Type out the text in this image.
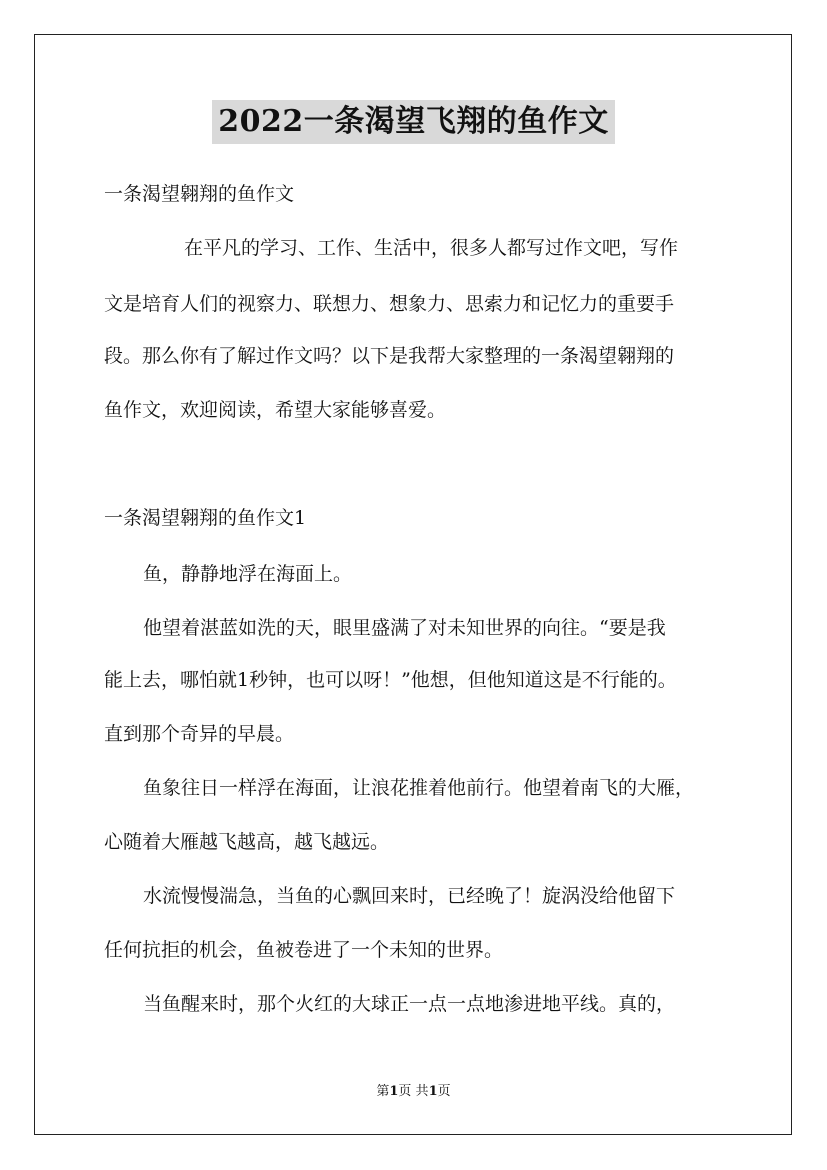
2022一条渴望飞翔的鱼作文
一条渴望翱翔的鱼作文
在平凡的学习、工作、生活中，很多人都写过作文吧，写作
文是培育人们的视察力、联想力、想象力、思索力和记忆力的重要手
段。那么你有了解过作文吗？以下是我帮大家整理的一条渴望翱翔的
鱼作文，欢迎阅读，希望大家能够喜爱。
一条渴望翱翔的鱼作文1
鱼，静静地浮在海面上。
他望着湛蓝如洗的天，眼里盛满了对未知世界的向往。“要是我
能上去，哪怕就1秒钟，也可以呀！”他想，但他知道这是不行能的。
直到那个奇异的早晨。
鱼象往日一样浮在海面，让浪花推着他前行。他望着南飞的大雁，
心随着大雁越飞越高，越飞越远。
水流慢慢湍急，当鱼的心飘回来时，已经晚了！旋涡没给他留下
任何抗拒的机会，鱼被卷进了一个未知的世界。
当鱼醒来时，那个火红的大球正一点一点地渗进地平线。真的，
第1页 共1页
